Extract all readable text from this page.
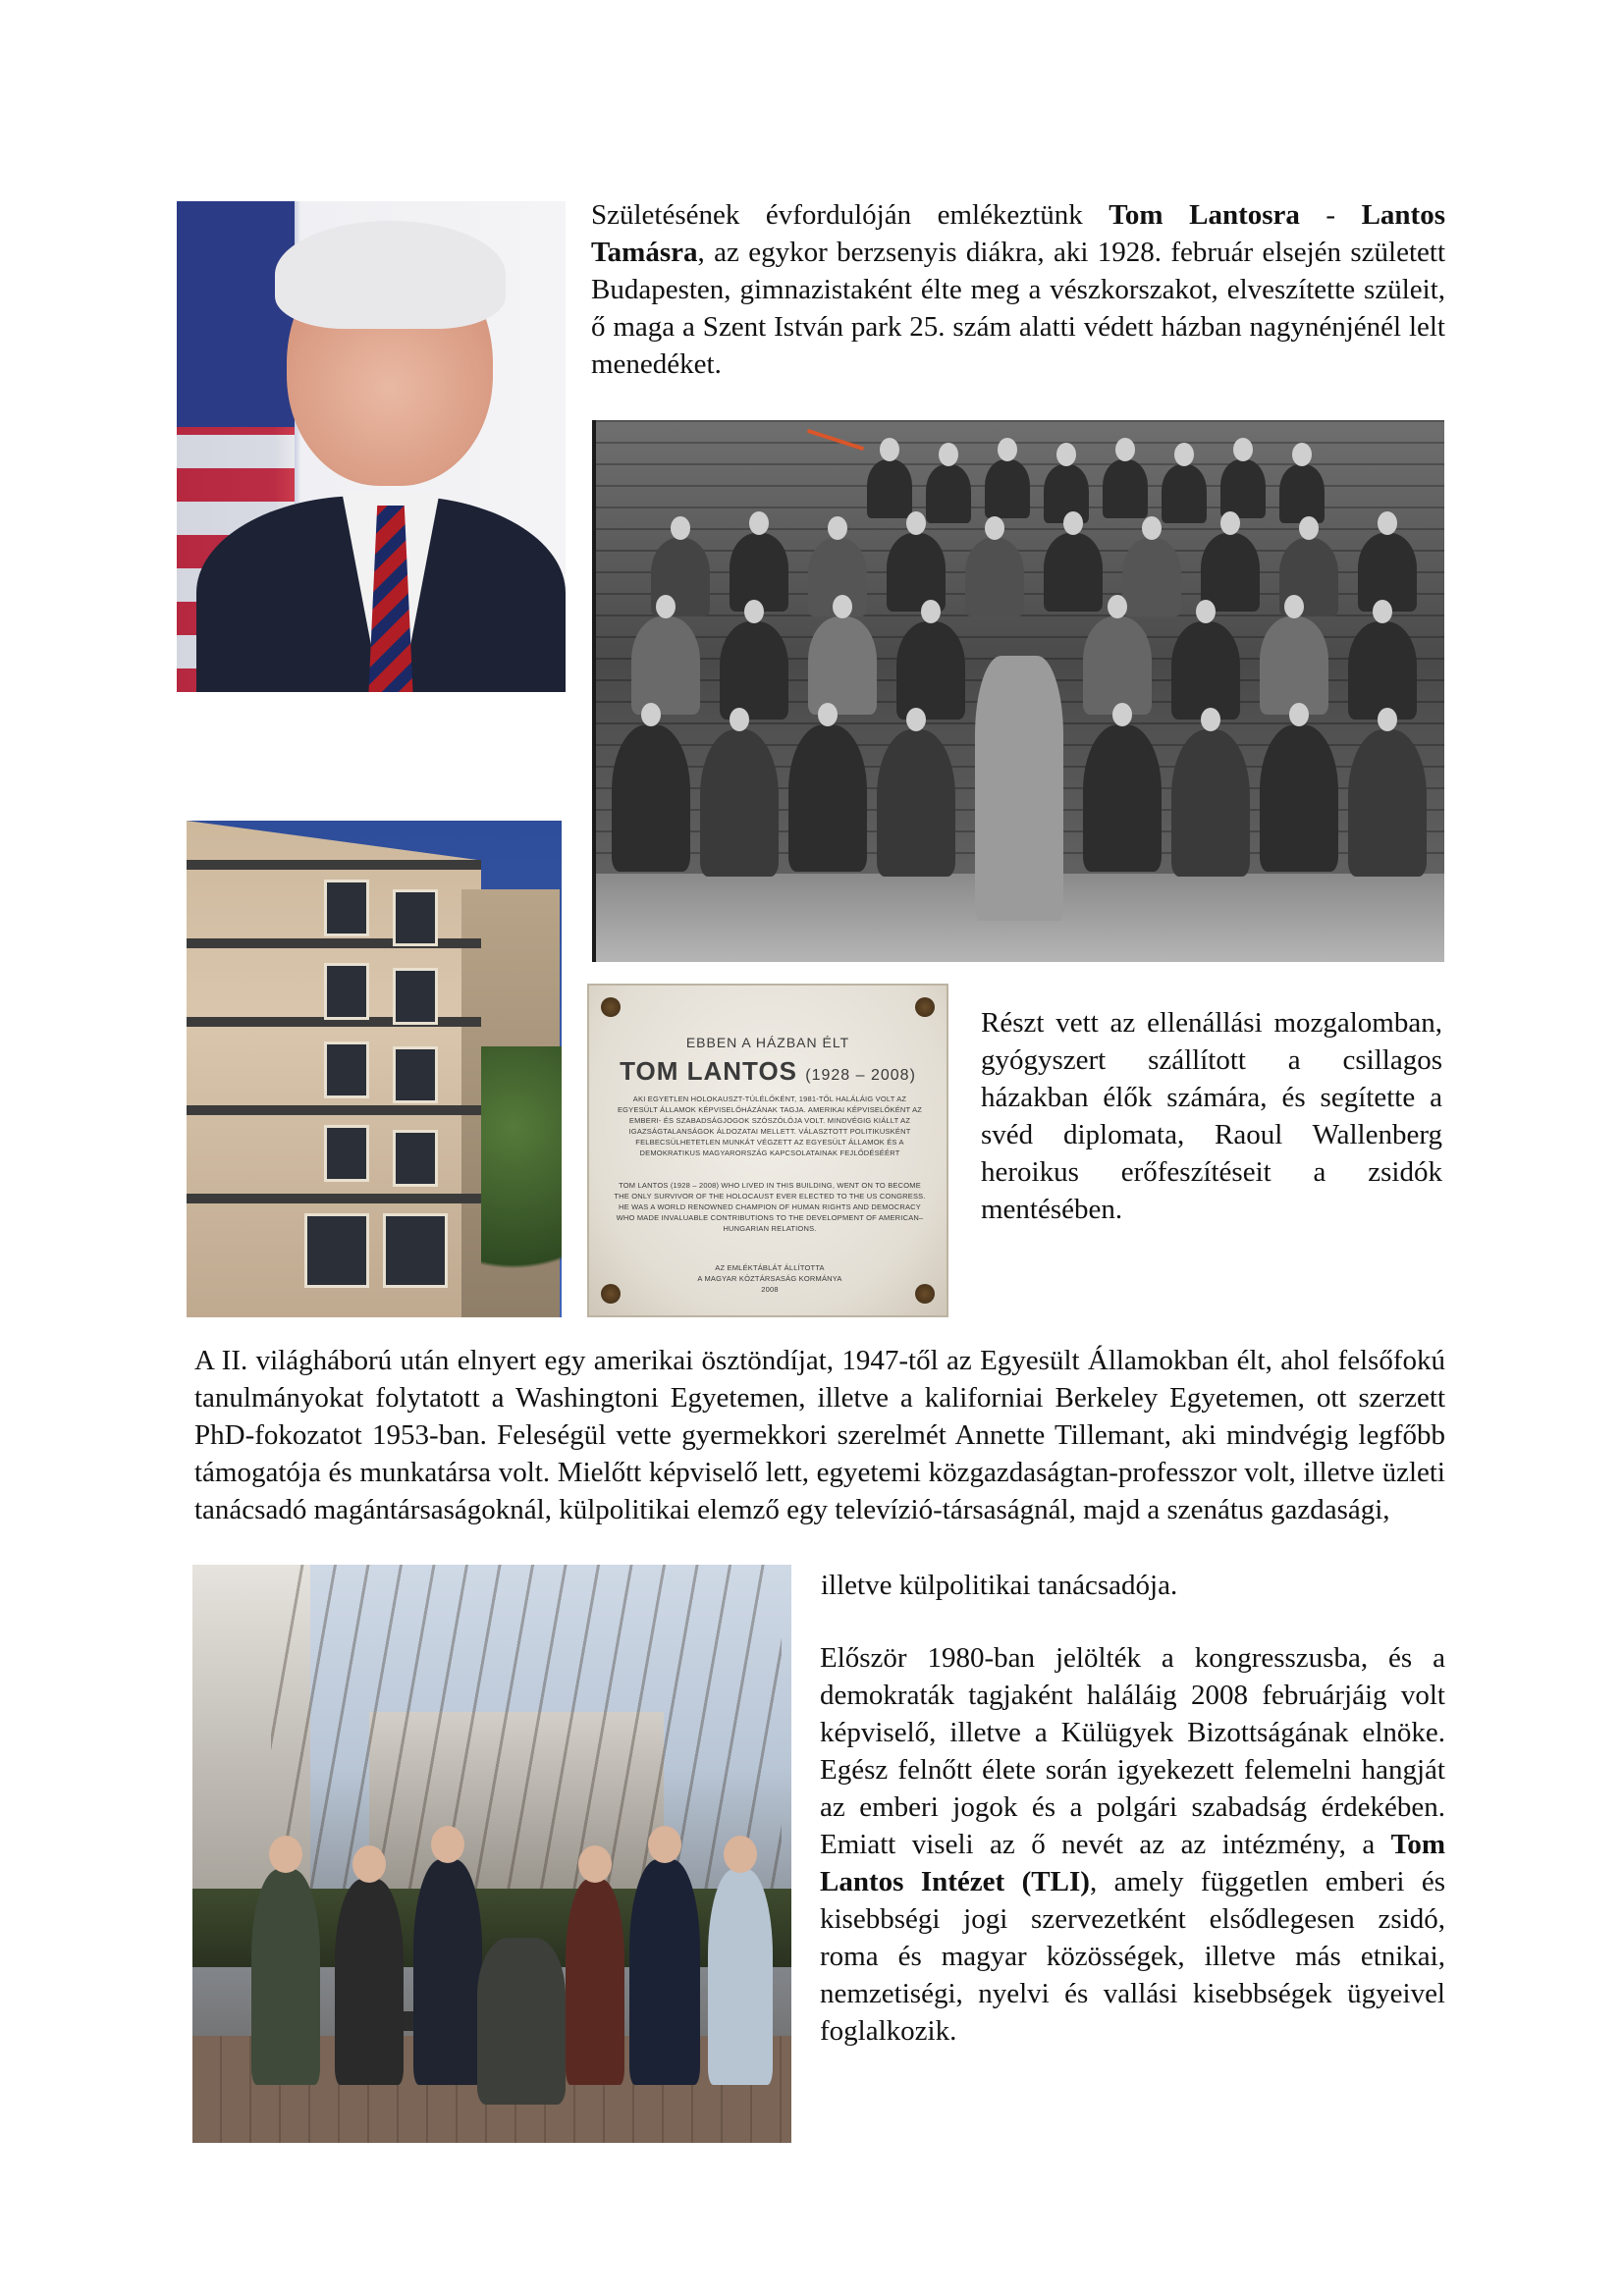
Születésének évfordulóján emlékeztünk Tom Lantosra - Lantos Tamásra, az egykor berzsenyis diákra, aki 1928. február elsején született Budapesten, gimnazistaként élte meg a vészkorszakot, elveszítette szüleit, ő maga a Szent István park 25. szám alatti védett házban nagynénjénél lelt menedéket.
EBBEN A HÁZBAN ÉLT
TOM LANTOS (1928 – 2008)
AKI EGYETLEN HOLOKAUSZT-TÚLÉLŐKÉNT, 1981-TŐL HALÁLÁIG VOLT AZ EGYESÜLT ÁLLAMOK KÉPVISELŐHÁZÁNAK TAGJA. AMERIKAI KÉPVISELŐKÉNT AZ EMBERI- ÉS SZABADSÁGJOGOK SZÓSZÓLÓJA VOLT. MINDVÉGIG KIÁLLT AZ IGAZSÁGTALANSÁGOK ÁLDOZATAI MELLETT. VÁLASZTOTT POLITIKUSKÉNT FELBECSÜLHETETLEN MUNKÁT VÉGZETT AZ EGYESÜLT ÁLLAMOK ÉS A DEMOKRATIKUS MAGYARORSZÁG KAPCSOLATAINAK FEJLŐDÉSÉÉRT
TOM LANTOS (1928 – 2008) WHO LIVED IN THIS BUILDING, WENT ON TO BECOME THE ONLY SURVIVOR OF THE HOLOCAUST EVER ELECTED TO THE US CONGRESS. HE WAS A WORLD RENOWNED CHAMPION OF HUMAN RIGHTS AND DEMOCRACY WHO MADE INVALUABLE CONTRIBUTIONS TO THE DEVELOPMENT OF AMERICAN–HUNGARIAN RELATIONS.
AZ EMLÉKTÁBLÁT ÁLLÍTOTTA
A MAGYAR KÖZTÁRSASÁG KORMÁNYA
2008
Részt vett az ellenállási mozgalomban, gyógyszert szállított a csillagos házakban élők számára, és segítette a svéd diplomata, Raoul Wallenberg heroikus erőfeszítéseit a zsidók mentésében.
A II. világháború után elnyert egy amerikai ösztöndíjat, 1947-től az Egyesült Államokban élt, ahol felsőfokú tanulmányokat folytatott a Washingtoni Egyetemen, illetve a kaliforniai Berkeley Egyetemen, ott szerzett PhD-fokozatot 1953-ban. Feleségül vette gyermekkori szerelmét Annette Tillemant, aki mindvégig legfőbb támogatója és munkatársa volt. Mielőtt képviselő lett, egyetemi közgazdaságtan-professzor volt, illetve üzleti tanácsadó magántársaságoknál, külpolitikai elemző egy televízió-társaságnál, majd a szenátus gazdasági,
illetve külpolitikai tanácsadója.
Először 1980-ban jelölték a kongresszusba, és a demokraták tagjaként haláláig 2008 februárjáig volt képviselő, illetve a Külügyek Bizottságának elnöke. Egész felnőtt élete során igyekezett felemelni hangját az emberi jogok és a polgári szabadság érdekében. Emiatt viseli az ő nevét az az intézmény, a Tom Lantos Intézet (TLI), amely független emberi és kisebbségi jogi szervezetként elsődlegesen zsidó, roma és magyar közösségek, illetve más etnikai, nemzetiségi, nyelvi és vallási kisebbségek ügyeivel foglalkozik.
